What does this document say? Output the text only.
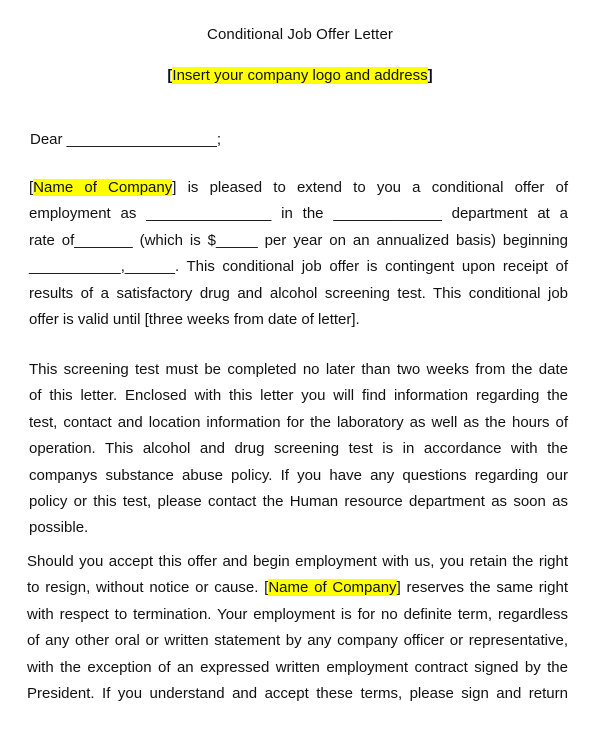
Conditional Job Offer Letter
[Insert your company logo and address]
Dear __________________;
[Name of Company] is pleased to extend to you a conditional offer of
employment as _______________ in the _____________ department at a
rate of_______ (which is $_____ per year on an annualized basis) beginning
___________,______. This conditional job offer is contingent upon receipt of
results of a satisfactory drug and alcohol screening test. This conditional job
offer is valid until [three weeks from date of letter].
This screening test must be completed no later than two weeks from the date
of this letter. Enclosed with this letter you will find information regarding the
test, contact and location information for the laboratory as well as the hours of
operation. This alcohol and drug screening test is in accordance with the
companys substance abuse policy. If you have any questions regarding our
policy or this test, please contact the Human resource department as soon as
possible.
Should you accept this offer and begin employment with us, you retain the right
to resign, without notice or cause. [Name of Company] reserves the same right
with respect to termination. Your employment is for no definite term, regardless
of any other oral or written statement by any company officer or representative,
with the exception of an expressed written employment contract signed by the
President. If you understand and accept these terms, please sign and return
